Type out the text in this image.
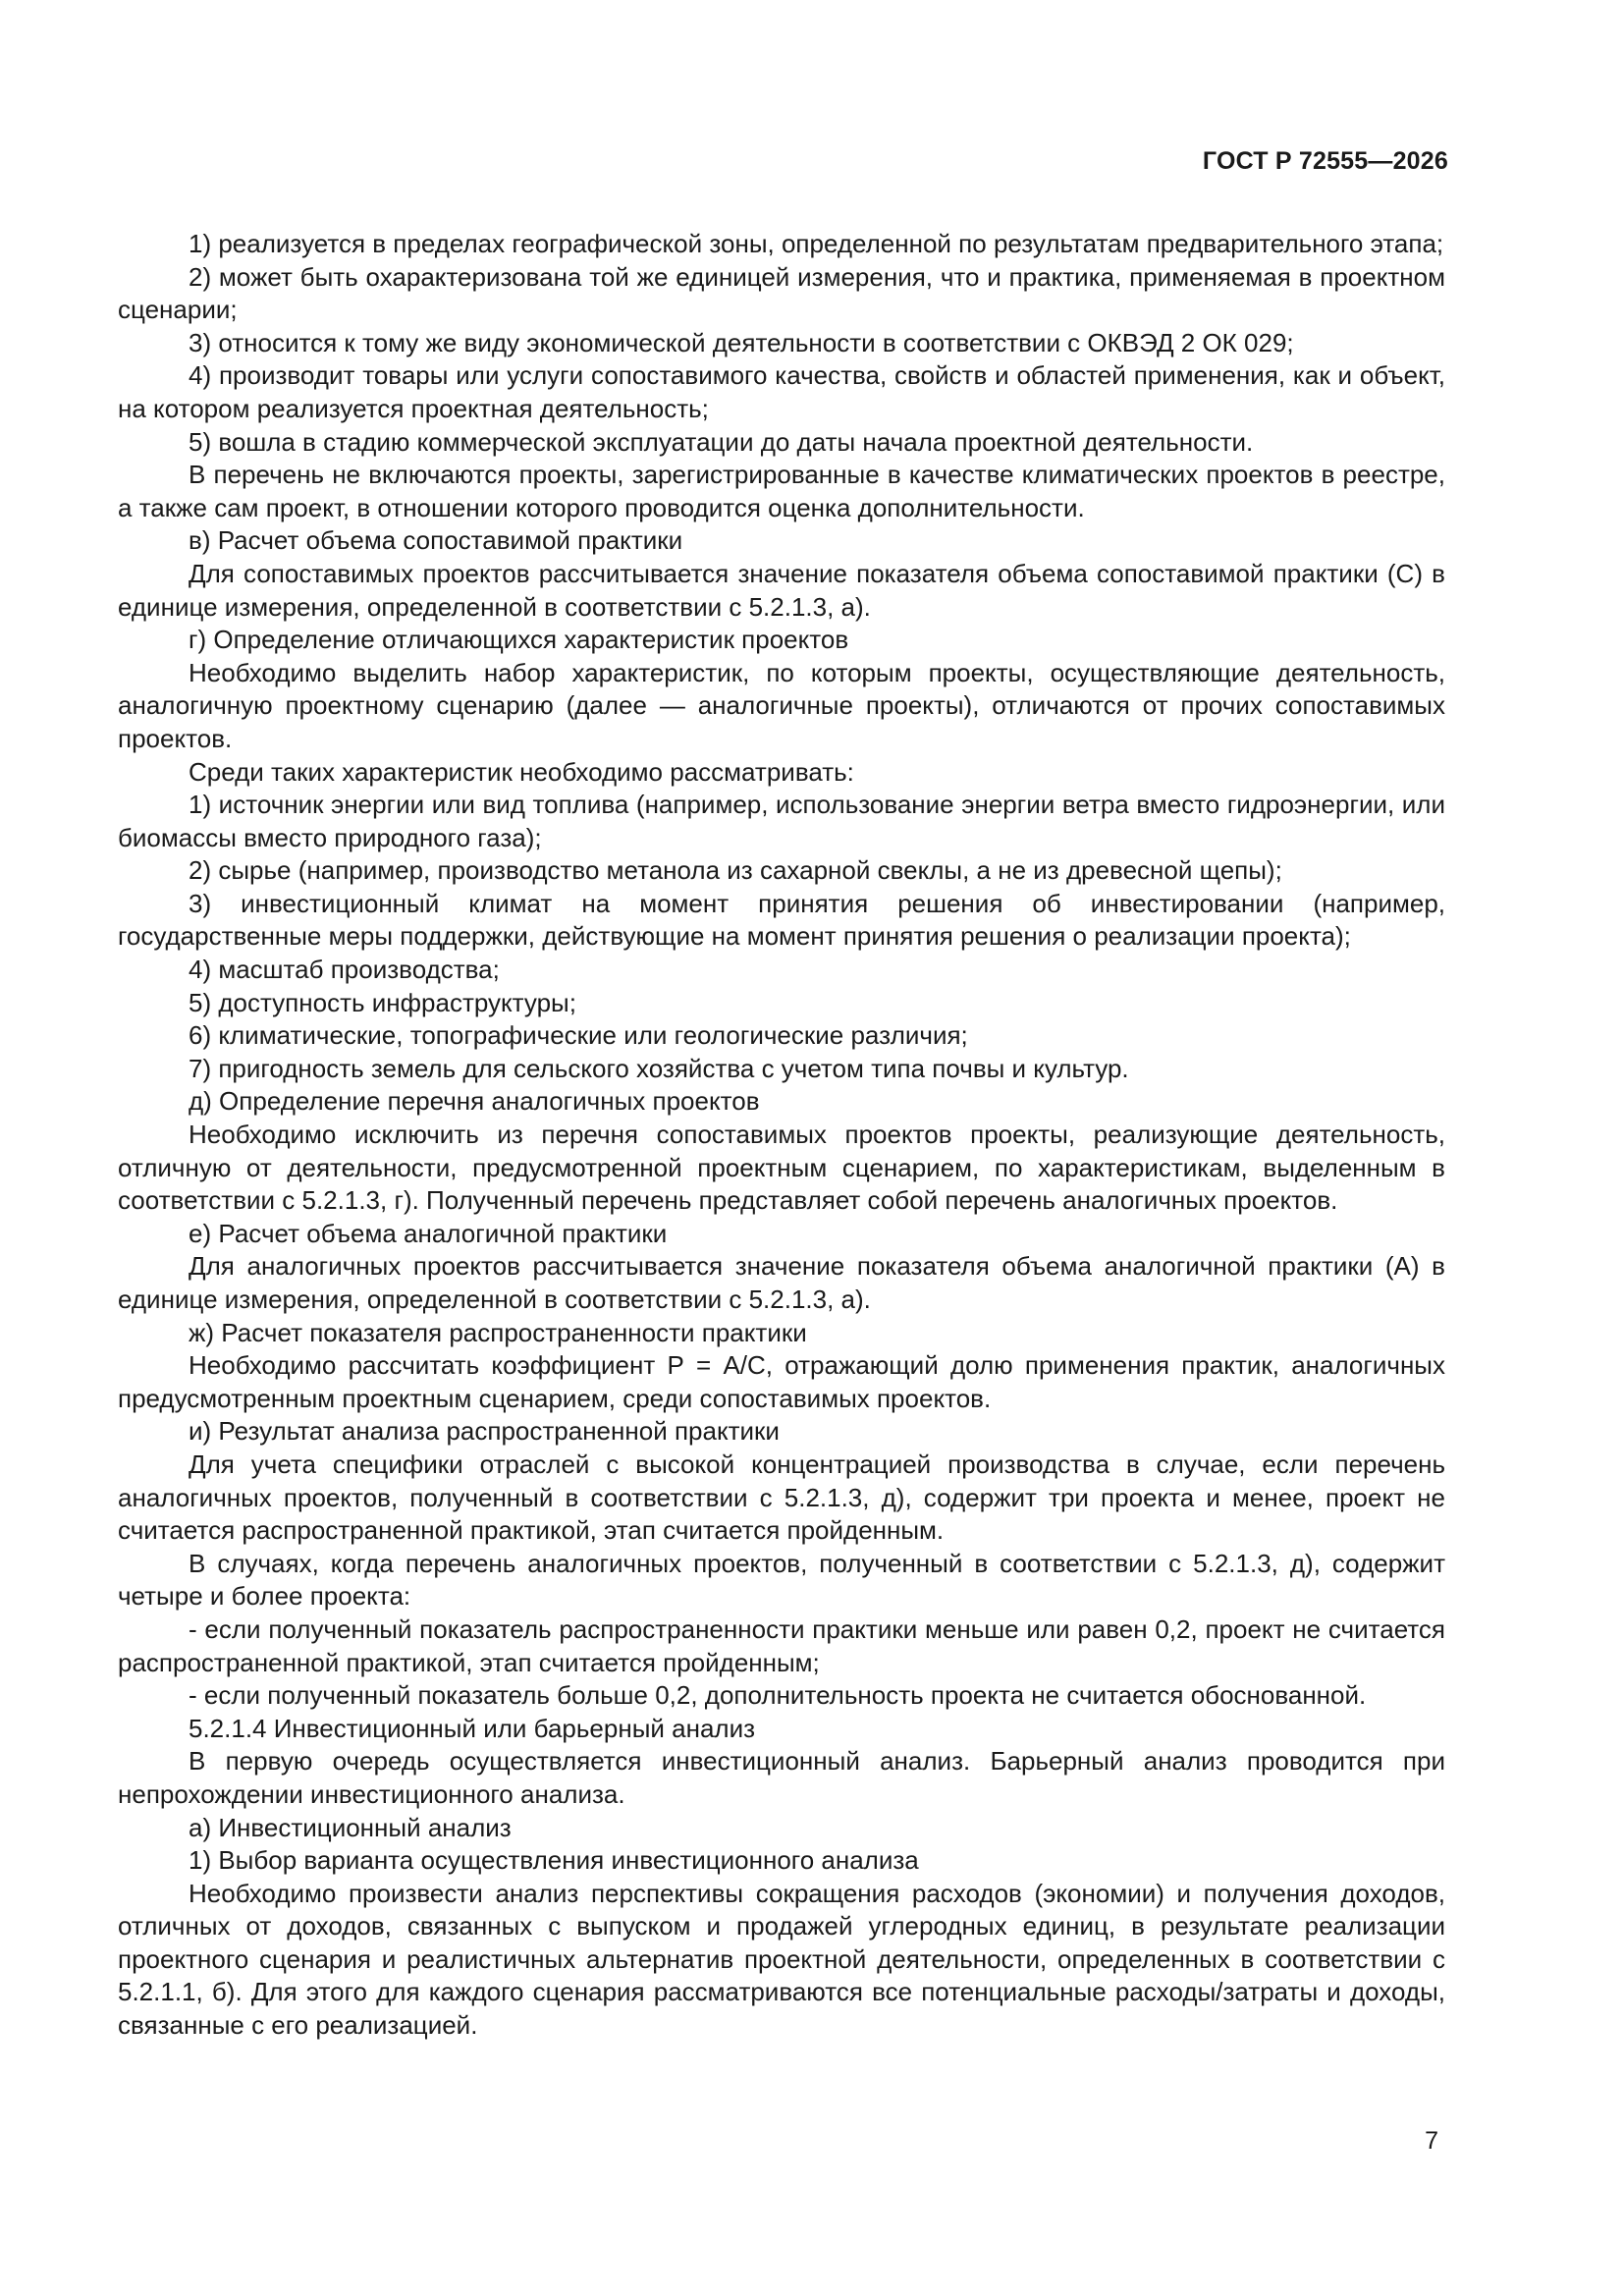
ГОСТ Р 72555—2026

1) реализуется в пределах географической зоны, определенной по результатам предварительного этапа;

2) может быть охарактеризована той же единицей измерения, что и практика, применяемая в проектном сценарии;

3) относится к тому же виду экономической деятельности в соответствии с ОКВЭД 2 ОК 029;

4) производит товары или услуги сопоставимого качества, свойств и областей применения, как и объект, на котором реализуется проектная деятельность;

5) вошла в стадию коммерческой эксплуатации до даты начала проектной деятельности.

В перечень не включаются проекты, зарегистрированные в качестве климатических проектов в реестре, а также сам проект, в отношении которого проводится оценка дополнительности.

в) Расчет объема сопоставимой практики

Для сопоставимых проектов рассчитывается значение показателя объема сопоставимой практики (С) в единице измерения, определенной в соответствии с 5.2.1.3, а).

г) Определение отличающихся характеристик проектов

Необходимо выделить набор характеристик, по которым проекты, осуществляющие деятельность, аналогичную проектному сценарию (далее — аналогичные проекты), отличаются от прочих сопоставимых проектов.

Среди таких характеристик необходимо рассматривать:

1) источник энергии или вид топлива (например, использование энергии ветра вместо гидроэнергии, или биомассы вместо природного газа);

2) сырье (например, производство метанола из сахарной свеклы, а не из древесной щепы);

3) инвестиционный климат на момент принятия решения об инвестировании (например, государственные меры поддержки, действующие на момент принятия решения о реализации проекта);

4) масштаб производства;

5) доступность инфраструктуры;

6) климатические, топографические или геологические различия;

7) пригодность земель для сельского хозяйства с учетом типа почвы и культур.

д) Определение перечня аналогичных проектов

Необходимо исключить из перечня сопоставимых проектов проекты, реализующие деятельность, отличную от деятельности, предусмотренной проектным сценарием, по характеристикам, выделенным в соответствии с 5.2.1.3, г). Полученный перечень представляет собой перечень аналогичных проектов.

е) Расчет объема аналогичной практики

Для аналогичных проектов рассчитывается значение показателя объема аналогичной практики (А) в единице измерения, определенной в соответствии с 5.2.1.3, а).

ж) Расчет показателя распространенности практики

Необходимо рассчитать коэффициент Р = А/С, отражающий долю применения практик, аналогичных предусмотренным проектным сценарием, среди сопоставимых проектов.

и) Результат анализа распространенной практики

Для учета специфики отраслей с высокой концентрацией производства в случае, если перечень аналогичных проектов, полученный в соответствии с 5.2.1.3, д), содержит три проекта и менее, проект не считается распространенной практикой, этап считается пройденным.

В случаях, когда перечень аналогичных проектов, полученный в соответствии с 5.2.1.3, д), содержит четыре и более проекта:

- если полученный показатель распространенности практики меньше или равен 0,2, проект не считается распространенной практикой, этап считается пройденным;

- если полученный показатель больше 0,2, дополнительность проекта не считается обоснованной.

5.2.1.4 Инвестиционный или барьерный анализ

В первую очередь осуществляется инвестиционный анализ. Барьерный анализ проводится при непрохождении инвестиционного анализа.

а) Инвестиционный анализ

1) Выбор варианта осуществления инвестиционного анализа

Необходимо произвести анализ перспективы сокращения расходов (экономии) и получения доходов, отличных от доходов, связанных с выпуском и продажей углеродных единиц, в результате реализации проектного сценария и реалистичных альтернатив проектной деятельности, определенных в соответствии с 5.2.1.1, б). Для этого для каждого сценария рассматриваются все потенциальные расходы/затраты и доходы, связанные с его реализацией.

7
